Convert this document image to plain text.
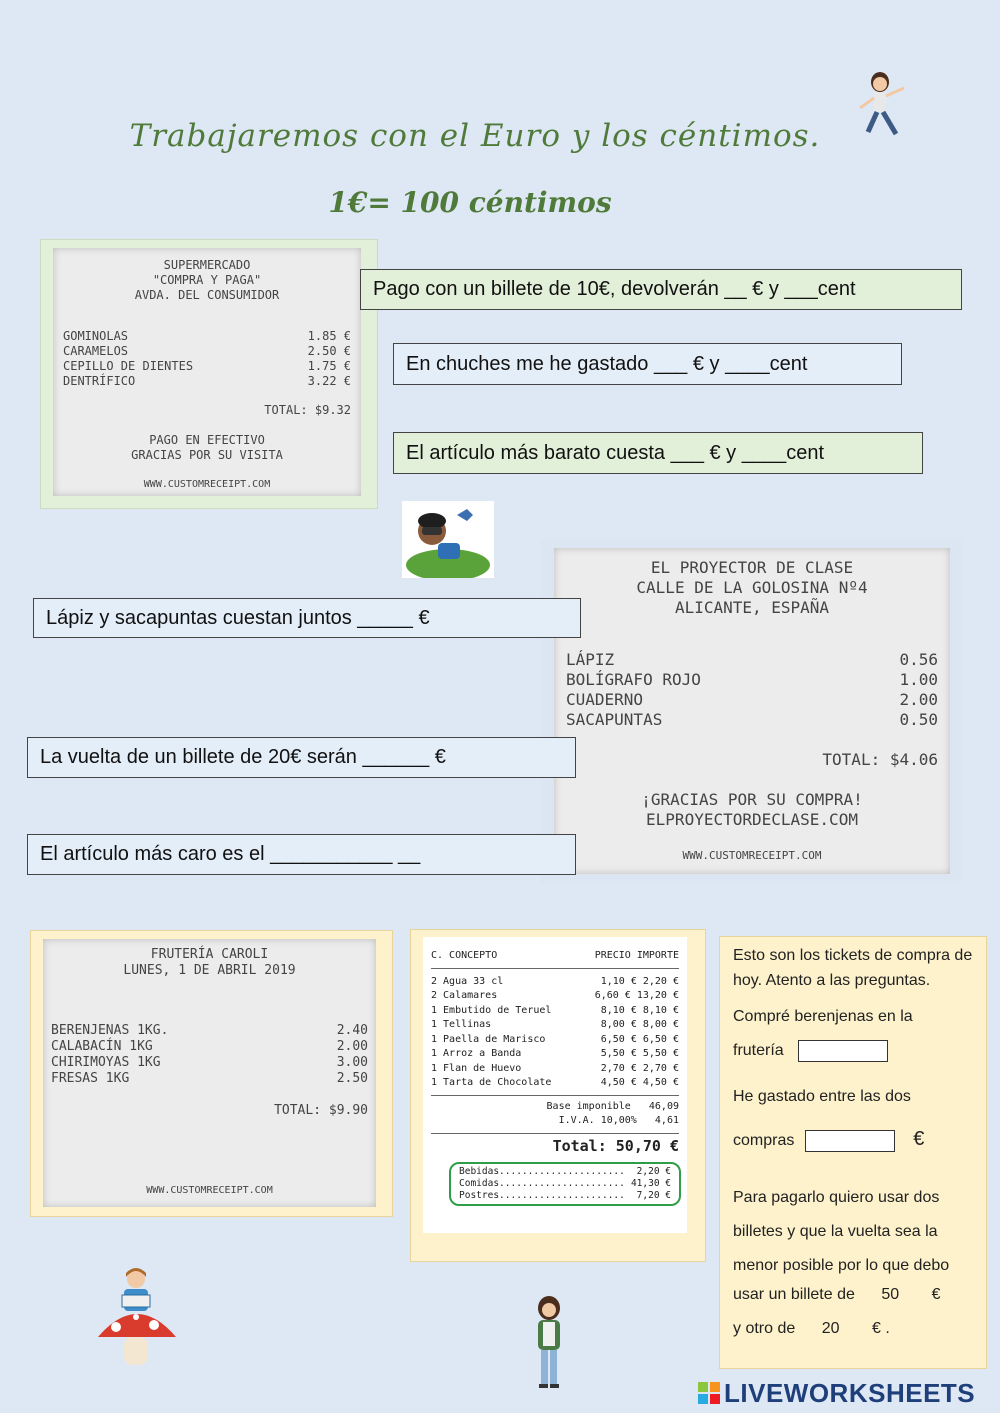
Trabajaremos con el Euro y los céntimos.
1€= 100 céntimos
SUPERMERCADO
"COMPRA Y PAGA"
AVDA. DEL CONSUMIDOR
GOMINOLAS	1.85 €
CARAMELOS	2.50 €
CEPILLO DE DIENTES	1.75 €
DENTRÍFICO	3.22 €
TOTAL: $9.32
PAGO EN EFECTIVO
GRACIAS POR SU VISITA
WWW.CUSTOMRECEIPT.COM
Pago con un billete de 10€, devolverán __ € y ___cent
En chuches me he gastado ___ € y ____cent
El artículo más barato cuesta ___ € y ____cent
EL PROYECTOR DE CLASE
CALLE DE LA GOLOSINA Nº4
ALICANTE, ESPAÑA
LÁPIZ	0.56
BOLÍGRAFO ROJO	1.00
CUADERNO	2.00
SACAPUNTAS	0.50
TOTAL: $4.06
¡GRACIAS POR SU COMPRA!
ELPROYECTORDECLASE.COM
WWW.CUSTOMRECEIPT.COM
Lápiz y sacapuntas cuestan juntos _____ €
La vuelta de un billete de 20€ serán ______ €
El artículo más caro es el ___________ __
FRUTERÍA CAROLI
LUNES, 1 DE ABRIL 2019
BERENJENAS 1KG.	2.40
CALABACÍN 1KG	2.00
CHIRIMOYAS 1KG	3.00
FRESAS 1KG	2.50
TOTAL: $9.90
WWW.CUSTOMRECEIPT.COM
C. CONCEPTO	PRECIO IMPORTE
2 Agua 33 cl	1,10 € 2,20 €
2 Calamares	6,60 € 13,20 €
1 Embutido de Teruel	8,10 € 8,10 €
1 Tellinas	8,00 € 8,00 €
1 Paella de Marisco	6,50 € 6,50 €
1 Arroz a Banda	5,50 € 5,50 €
1 Flan de Huevo	2,70 € 2,70 €
1 Tarta de Chocolate	4,50 € 4,50 €
Base imponible 46,09
I.V.A. 10,00% 4,61
Total: 50,70 €
Bebidas...................... 2,20 €
Comidas...................... 41,30 €
Postres...................... 7,20 €
Esto son los tickets de compra de hoy. Atento a las preguntas.
Compré berenjenas en la
frutería
He gastado entre las dos
compras	€
Para pagarlo quiero usar dos billetes y que la vuelta sea la menor posible por lo que debo
usar un billete de 50 €
y otro de 20 € .
LIVEWORKSHEETS
